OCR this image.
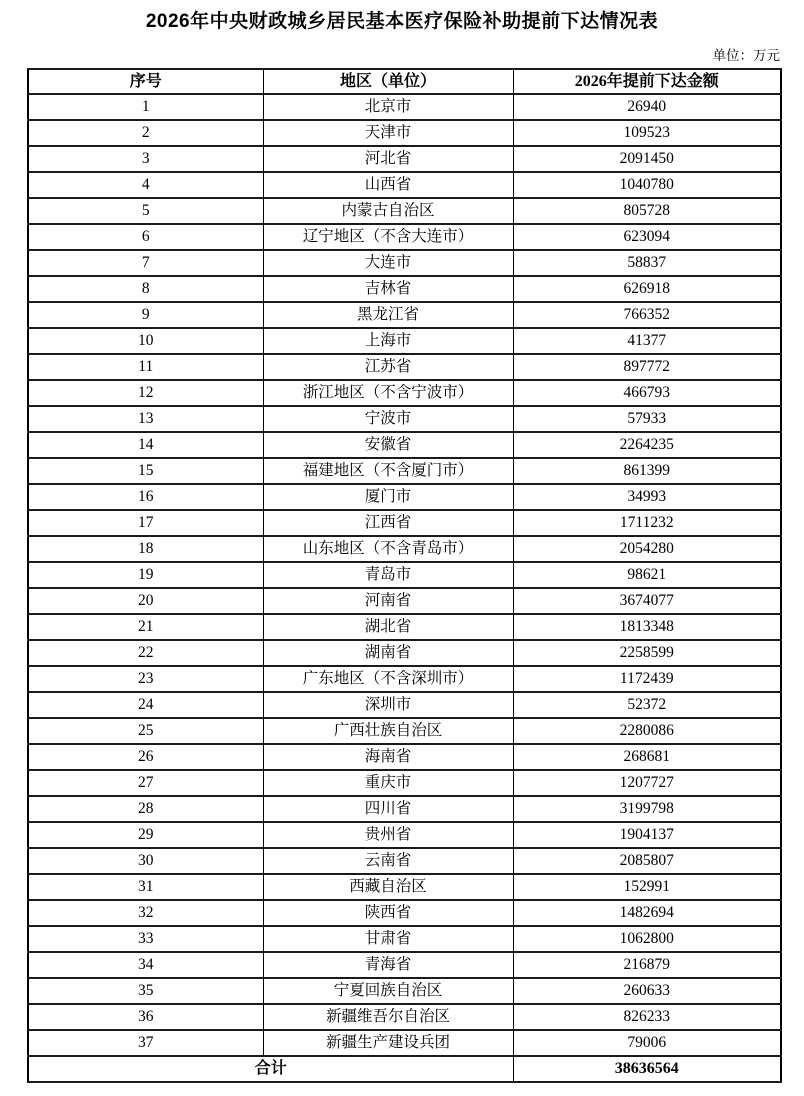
2026年中央财政城乡居民基本医疗保险补助提前下达情况表
单位：万元
序号	地区（单位）	2026年提前下达金额
1	北京市	26940
2	天津市	109523
3	河北省	2091450
4	山西省	1040780
5	内蒙古自治区	805728
6	辽宁地区（不含大连市）	623094
7	大连市	58837
8	吉林省	626918
9	黑龙江省	766352
10	上海市	41377
11	江苏省	897772
12	浙江地区（不含宁波市）	466793
13	宁波市	57933
14	安徽省	2264235
15	福建地区（不含厦门市）	861399
16	厦门市	34993
17	江西省	1711232
18	山东地区（不含青岛市）	2054280
19	青岛市	98621
20	河南省	3674077
21	湖北省	1813348
22	湖南省	2258599
23	广东地区（不含深圳市）	1172439
24	深圳市	52372
25	广西壮族自治区	2280086
26	海南省	268681
27	重庆市	1207727
28	四川省	3199798
29	贵州省	1904137
30	云南省	2085807
31	西藏自治区	152991
32	陕西省	1482694
33	甘肃省	1062800
34	青海省	216879
35	宁夏回族自治区	260633
36	新疆维吾尔自治区	826233
37	新疆生产建设兵团	79006
合计		38636564
